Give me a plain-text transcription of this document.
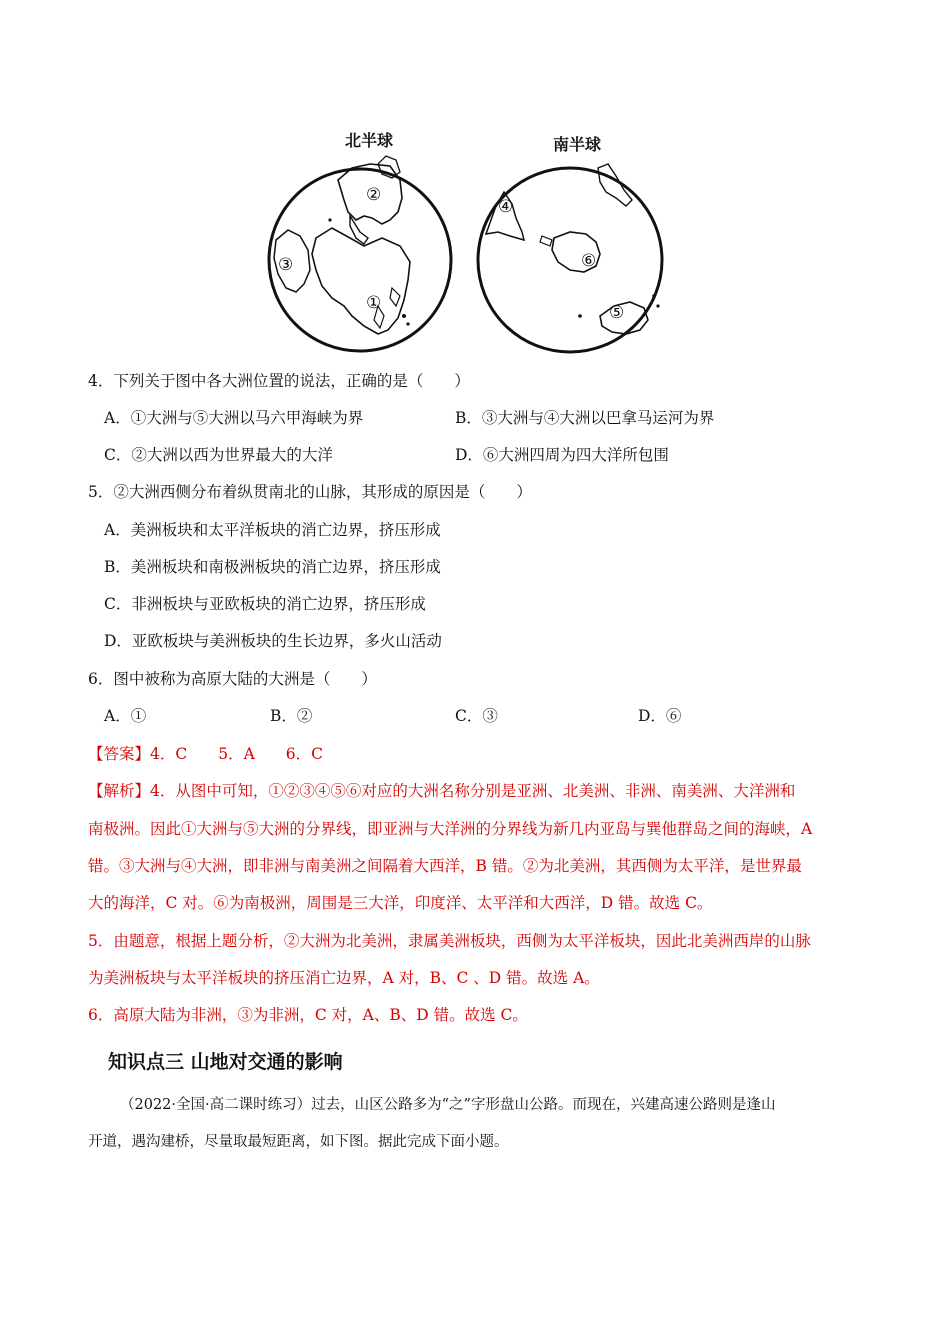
北半球	南半球
②
③
①
④
⑥
⑤
4．下列关于图中各大洲位置的说法，正确的是（　　）
A．①大洲与⑤大洲以马六甲海峡为界	B．③大洲与④大洲以巴拿马运河为界
C．②大洲以西为世界最大的大洋	D．⑥大洲四周为四大洋所包围
5．②大洲西侧分布着纵贯南北的山脉，其形成的原因是（　　）
A．美洲板块和太平洋板块的消亡边界，挤压形成
B．美洲板块和南极洲板块的消亡边界，挤压形成
C．非洲板块与亚欧板块的消亡边界，挤压形成
D．亚欧板块与美洲板块的生长边界，多火山活动
6．图中被称为高原大陆的大洲是（　　）
A．①	B．②	C．③	D．⑥
【答案】4．C　　5．A　　6．C
【解析】4．从图中可知，①②③④⑤⑥对应的大洲名称分别是亚洲、北美洲、非洲、南美洲、大洋洲和
南极洲。因此①大洲与⑤大洲的分界线，即亚洲与大洋洲的分界线为新几内亚岛与巽他群岛之间的海峡，A
错。③大洲与④大洲，即非洲与南美洲之间隔着大西洋，B 错。②为北美洲，其西侧为太平洋，是世界最
大的海洋，C 对。⑥为南极洲，周围是三大洋，印度洋、太平洋和大西洋，D 错。故选 C。
5．由题意，根据上题分析，②大洲为北美洲，隶属美洲板块，西侧为太平洋板块，因此北美洲西岸的山脉
为美洲板块与太平洋板块的挤压消亡边界，A 对，B、C 、D 错。故选 A。
6．高原大陆为非洲，③为非洲，C 对，A、B、D 错。故选 C。
知识点三 山地对交通的影响
（2022·全国·高二课时练习）过去，山区公路多为“之”字形盘山公路。而现在，兴建高速公路则是逢山
开道，遇沟建桥，尽量取最短距离，如下图。据此完成下面小题。
